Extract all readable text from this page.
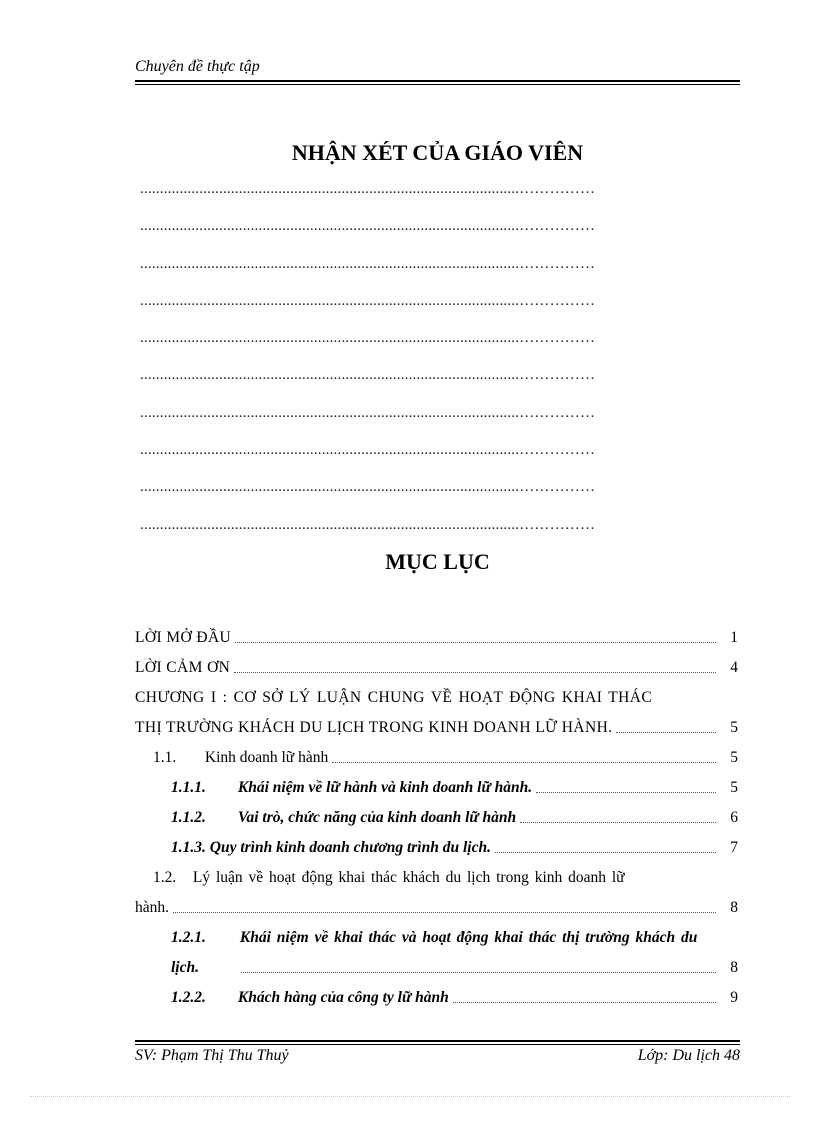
Chuyên đề thực tập
NHẬN XÉT CỦA GIÁO VIÊN
................................................................................................……………
................................................................................................……………
................................................................................................……………
................................................................................................……………
................................................................................................……………
................................................................................................……………
................................................................................................……………
................................................................................................……………
................................................................................................……………
................................................................................................……………
MỤC LỤC
LỜI MỞ ĐẦU	1
LỜI CẢM ƠN	4
CHƯƠNG I : CƠ SỞ LÝ LUẬN CHUNG VỀ HOẠT ĐỘNG KHAI THÁC
THỊ TRƯỜNG KHÁCH DU LỊCH TRONG KINH DOANH LỮ HÀNH.	5
1.1. Kinh doanh lữ hành	5
1.1.1. Khái niệm về lữ hành và kinh doanh lữ hành.	5
1.1.2. Vai trò, chức năng của kinh doanh lữ hành	6
1.1.3. Quy trình kinh doanh chương trình du lịch.	7
1.2. Lý luận về hoạt động khai thác khách du lịch trong kinh doanh lữ
hành.	8
1.2.1. Khái niệm về khai thác và hoạt động khai thác thị trường khách du
lịch.	8
1.2.2. Khách hàng của công ty lữ hành	9
SV: Phạm Thị Thu Thuỷ	Lớp: Du lịch 48
